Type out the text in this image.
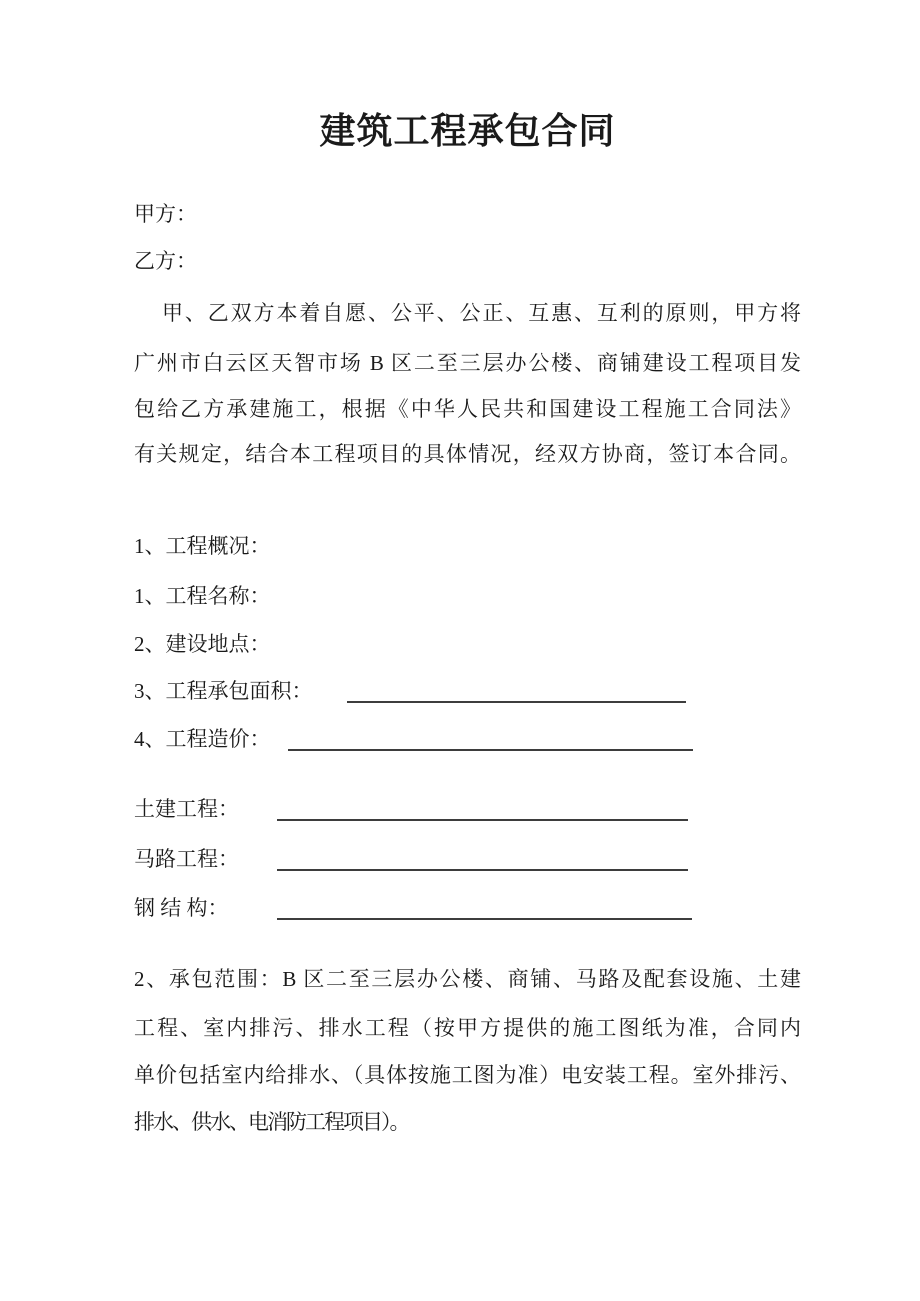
建筑工程承包合同
甲方：
乙方：
甲、乙双方本着自愿、公平、公正、互惠、互利的原则，甲方将
广州市白云区天智市场 B 区二至三层办公楼、商铺建设工程项目发
包给乙方承建施工，根据《中华人民共和国建设工程施工合同法》
有关规定，结合本工程项目的具体情况，经双方协商，签订本合同。
1、工程概况：
1、工程名称：
2、建设地点：
3、工程承包面积：
4、工程造价：
土建工程：
马路工程：
钢 结 构：
2、承包范围：B 区二至三层办公楼、商铺、马路及配套设施、土建
工程、室内排污、排水工程（按甲方提供的施工图纸为准，合同内
单价包括室内给排水、（具体按施工图为准）电安装工程。室外排污、
排水、供水、电消防工程项目）。
